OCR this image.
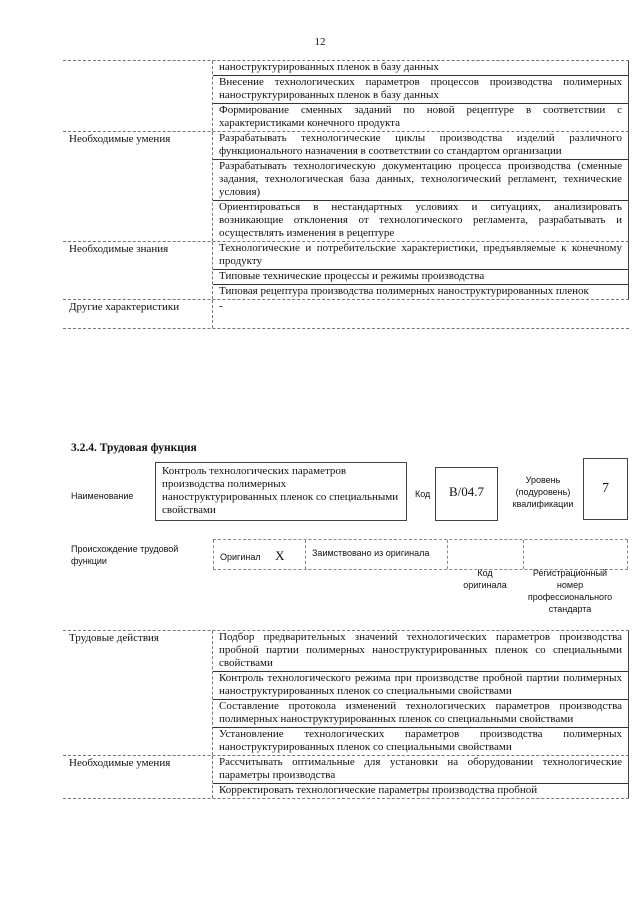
12
наноструктурированных пленок в базу данных
Внесение технологических параметров процессов производства полимерных наноструктурированных пленок в базу данных
Формирование сменных заданий по новой рецептуре в соответствии с характеристиками конечного продукта
Необходимые умения	Разрабатывать технологические циклы производства изделий различного функционального назначения в соответствии со стандартом организации
Разрабатывать технологическую документацию процесса производства (сменные задания, технологическая база данных, технологический регламент, технические условия)
Ориентироваться в нестандартных условиях и ситуациях, анализировать возникающие отклонения от технологического регламента, разрабатывать и осуществлять изменения в рецептуре
Необходимые знания	Технологические и потребительские характеристики, предъявляемые к конечному продукту
Типовые технические процессы и режимы производства
Типовая рецептура производства полимерных наноструктурированных пленок
Другие характеристики	-
3.2.4. Трудовая функция
Наименование
Контроль технологических параметров производства полимерных наноструктурированных пленок со специальными свойствами
Код	B/04.7
Уровень (подуровень) квалификации
7
Происхождение трудовой функции	Оригинал X	Заимствовано из оригинала
Код оригинала
Регистрационный номер профессионального стандарта
Трудовые действия	Подбор предварительных значений технологических параметров производства пробной партии полимерных наноструктурированных пленок со специальными свойствами
Контроль технологического режима при производстве пробной партии полимерных наноструктурированных пленок со специальными свойствами
Составление протокола изменений технологических параметров производства полимерных наноструктурированных пленок со специальными свойствами
Установление технологических параметров производства полимерных наноструктурированных пленок со специальными свойствами
Необходимые умения	Рассчитывать оптимальные для установки на оборудовании технологические параметры производства
Корректировать технологические параметры производства пробной
